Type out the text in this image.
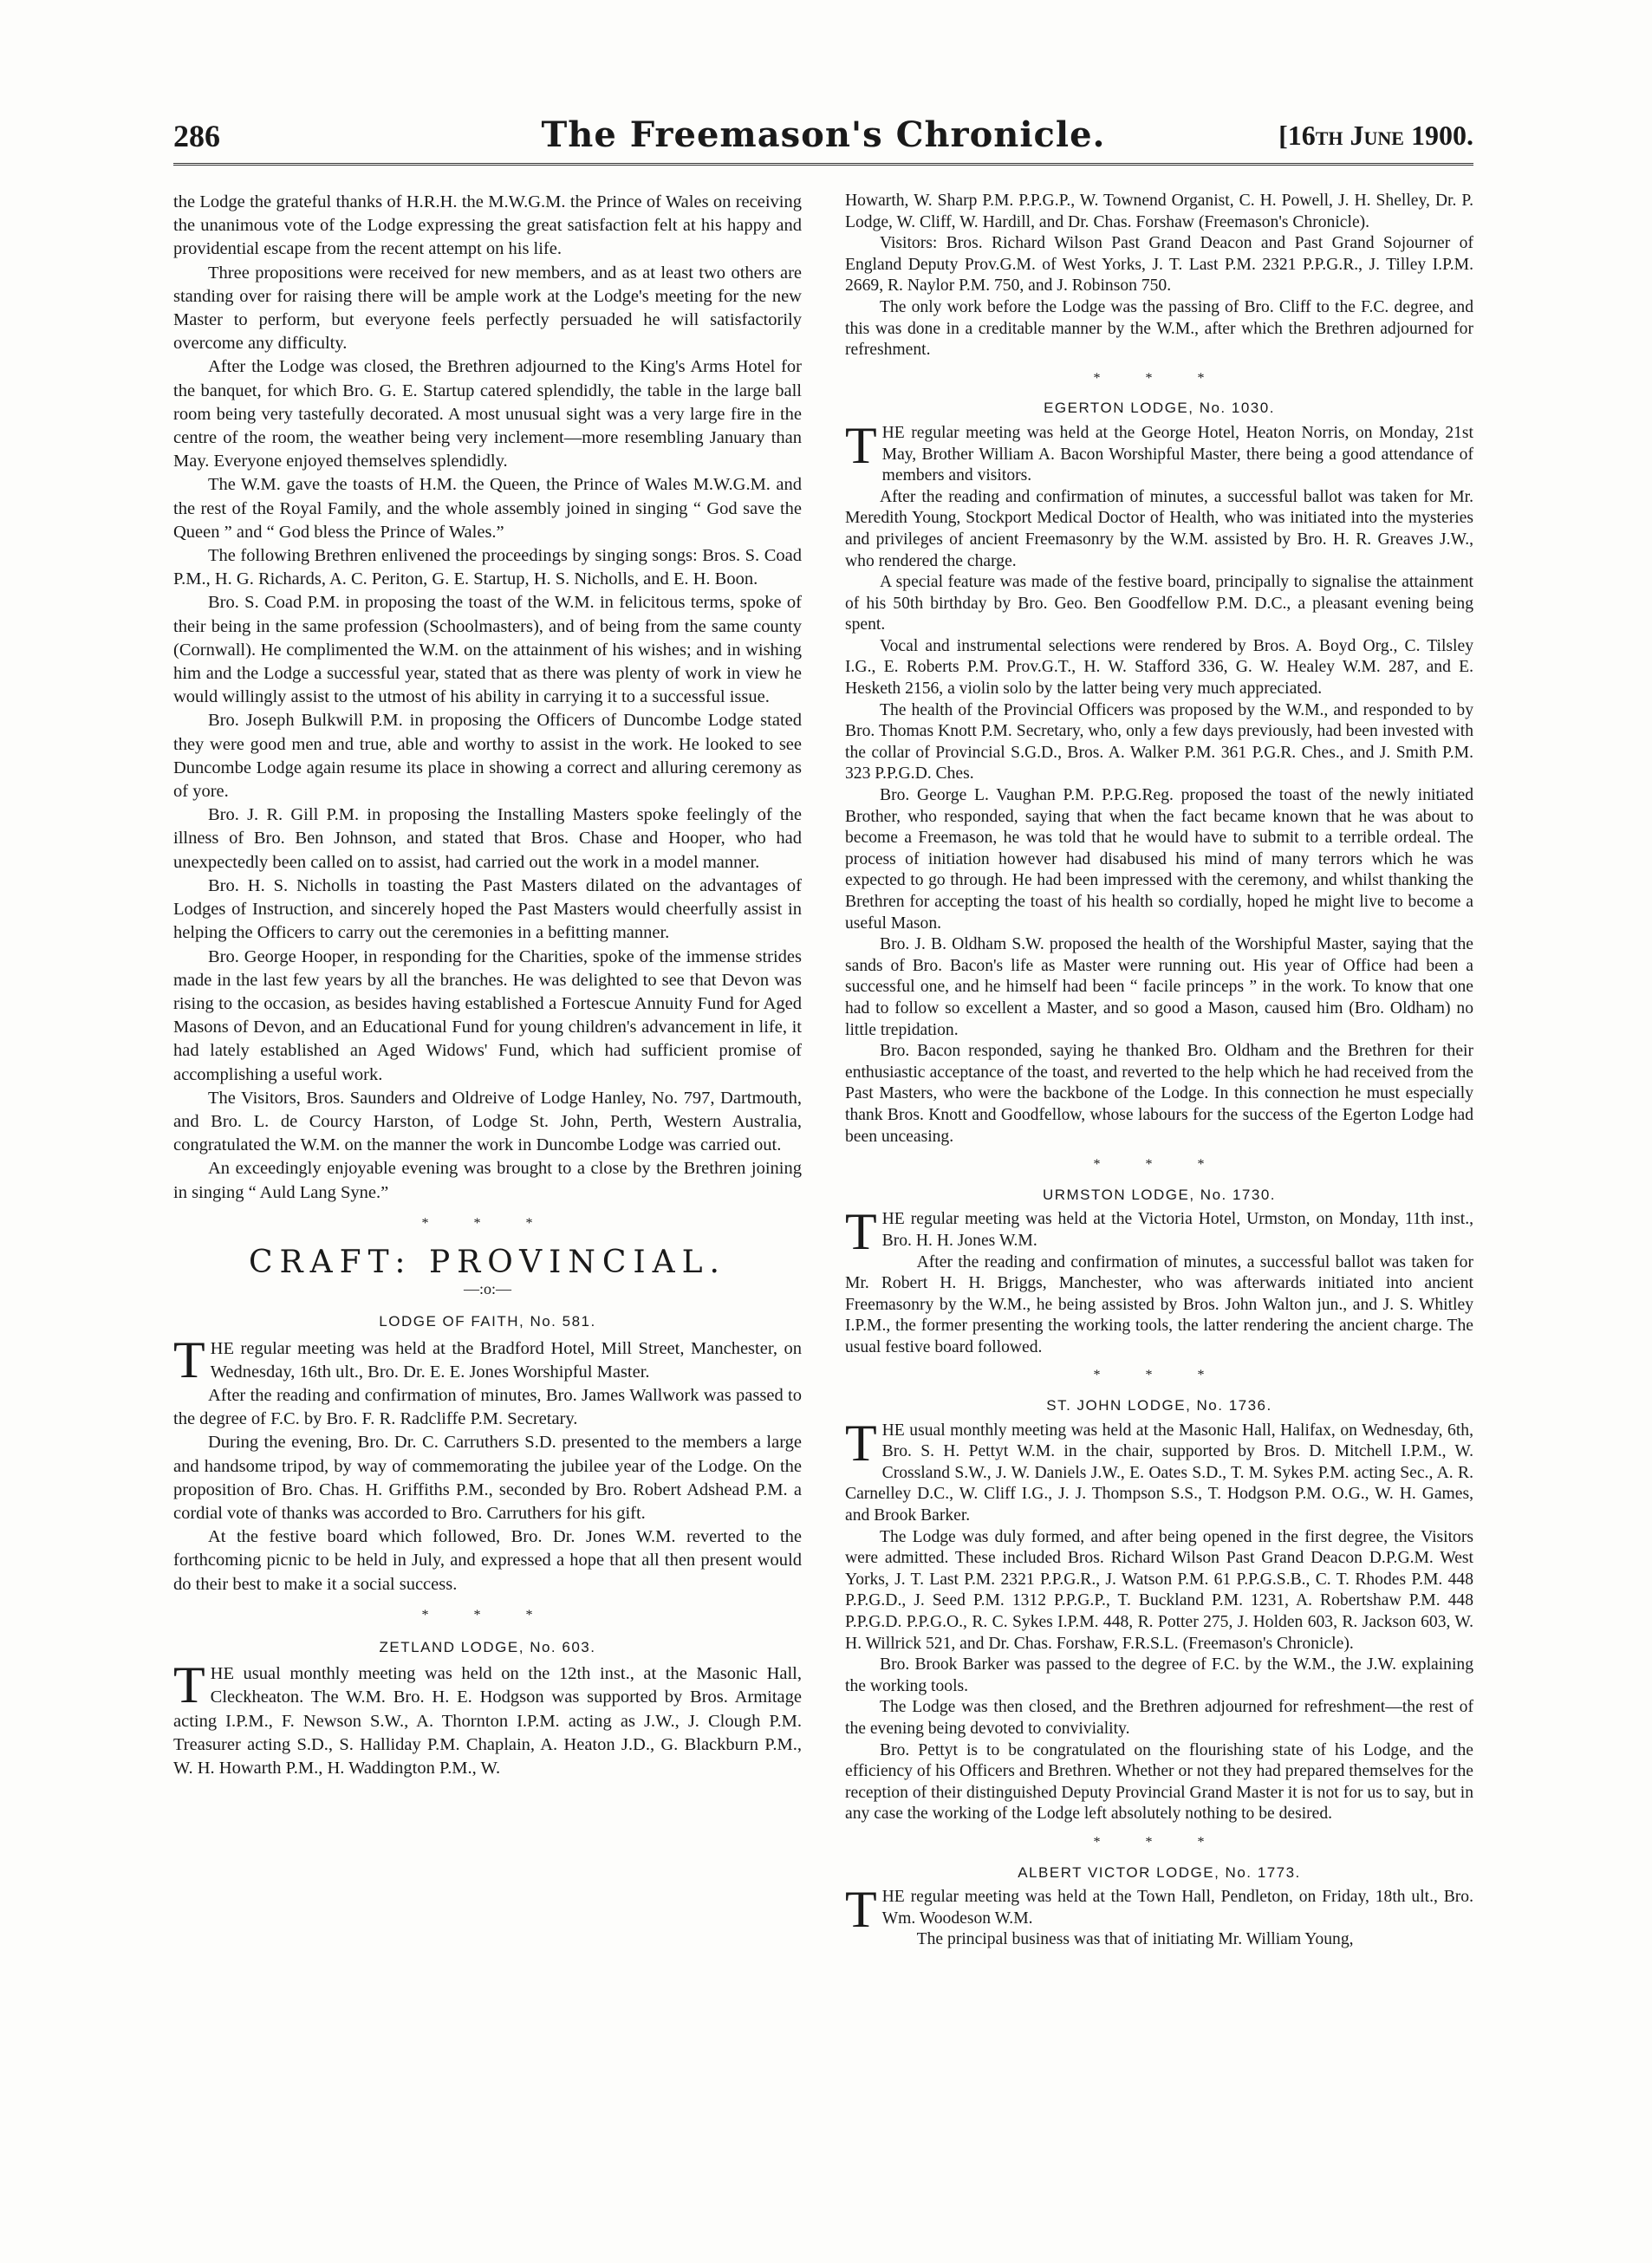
286	The Freemason's Chronicle.	[16th June 1900.

the Lodge the grateful thanks of H.R.H. the M.W.G.M. the Prince of Wales on receiving the unanimous vote of the Lodge expressing the great satisfaction felt at his happy and providential escape from the recent attempt on his life.

Three propositions were received for new members, and as at least two others are standing over for raising there will be ample work at the Lodge's meeting for the new Master to perform, but everyone feels perfectly persuaded he will satisfactorily overcome any difficulty.

After the Lodge was closed, the Brethren adjourned to the King's Arms Hotel for the banquet, for which Bro. G. E. Startup catered splendidly, the table in the large ball room being very tastefully decorated. A most unusual sight was a very large fire in the centre of the room, the weather being very inclement—more resembling January than May. Everyone enjoyed themselves splendidly.

The W.M. gave the toasts of H.M. the Queen, the Prince of Wales M.W.G.M. and the rest of the Royal Family, and the whole assembly joined in singing “ God save the Queen ” and “ God bless the Prince of Wales.”

The following Brethren enlivened the proceedings by singing songs: Bros. S. Coad P.M., H. G. Richards, A. C. Periton, G. E. Startup, H. S. Nicholls, and E. H. Boon.

Bro. S. Coad P.M. in proposing the toast of the W.M. in felicitous terms, spoke of their being in the same profession (Schoolmasters), and of being from the same county (Cornwall). He complimented the W.M. on the attainment of his wishes; and in wishing him and the Lodge a successful year, stated that as there was plenty of work in view he would willingly assist to the utmost of his ability in carrying it to a successful issue.

Bro. Joseph Bulkwill P.M. in proposing the Officers of Duncombe Lodge stated they were good men and true, able and worthy to assist in the work. He looked to see Duncombe Lodge again resume its place in showing a correct and alluring ceremony as of yore.

Bro. J. R. Gill P.M. in proposing the Installing Masters spoke feelingly of the illness of Bro. Ben Johnson, and stated that Bros. Chase and Hooper, who had unexpectedly been called on to assist, had carried out the work in a model manner.

Bro. H. S. Nicholls in toasting the Past Masters dilated on the advantages of Lodges of Instruction, and sincerely hoped the Past Masters would cheerfully assist in helping the Officers to carry out the ceremonies in a befitting manner.

Bro. George Hooper, in responding for the Charities, spoke of the immense strides made in the last few years by all the branches. He was delighted to see that Devon was rising to the occasion, as besides having established a Fortescue Annuity Fund for Aged Masons of Devon, and an Educational Fund for young children's advancement in life, it had lately established an Aged Widows' Fund, which had sufficient promise of accomplishing a useful work.

The Visitors, Bros. Saunders and Oldreive of Lodge Hanley, No. 797, Dartmouth, and Bro. L. de Courcy Harston, of Lodge St. John, Perth, Western Australia, congratulated the W.M. on the manner the work in Duncombe Lodge was carried out.

An exceedingly enjoyable evening was brought to a close by the Brethren joining in singing “ Auld Lang Syne.”

* * *
CRAFT: PROVINCIAL.
—:o:—
LODGE OF FAITH, No. 581.

THE regular meeting was held at the Bradford Hotel, Mill Street, Manchester, on Wednesday, 16th ult., Bro. Dr. E. E. Jones Worshipful Master.

After the reading and confirmation of minutes, Bro. James Wallwork was passed to the degree of F.C. by Bro. F. R. Radcliffe P.M. Secretary.

During the evening, Bro. Dr. C. Carruthers S.D. presented to the members a large and handsome tripod, by way of commemorating the jubilee year of the Lodge. On the proposition of Bro. Chas. H. Griffiths P.M., seconded by Bro. Robert Adshead P.M. a cordial vote of thanks was accorded to Bro. Carruthers for his gift.

At the festive board which followed, Bro. Dr. Jones W.M. reverted to the forthcoming picnic to be held in July, and expressed a hope that all then present would do their best to make it a social success.

* * *
ZETLAND LODGE, No. 603.

THE usual monthly meeting was held on the 12th inst., at the Masonic Hall, Cleckheaton. The W.M. Bro. H. E. Hodgson was supported by Bros. Armitage acting I.P.M., F. Newson S.W., A. Thornton I.P.M. acting as J.W., J. Clough P.M. Treasurer acting S.D., S. Halliday P.M. Chaplain, A. Heaton J.D., G. Blackburn P.M., W. H. Howarth P.M., H. Waddington P.M., W.

Howarth, W. Sharp P.M. P.P.G.P., W. Townend Organist, C. H. Powell, J. H. Shelley, Dr. P. Lodge, W. Cliff, W. Hardill, and Dr. Chas. Forshaw (Freemason's Chronicle).

Visitors: Bros. Richard Wilson Past Grand Deacon and Past Grand Sojourner of England Deputy Prov.G.M. of West Yorks, J. T. Last P.M. 2321 P.P.G.R., J. Tilley I.P.M. 2669, R. Naylor P.M. 750, and J. Robinson 750.

The only work before the Lodge was the passing of Bro. Cliff to the F.C. degree, and this was done in a creditable manner by the W.M., after which the Brethren adjourned for refreshment.

* * *
EGERTON LODGE, No. 1030.

THE regular meeting was held at the George Hotel, Heaton Norris, on Monday, 21st May, Brother William A. Bacon Worshipful Master, there being a good attendance of members and visitors.

After the reading and confirmation of minutes, a successful ballot was taken for Mr. Meredith Young, Stockport Medical Doctor of Health, who was initiated into the mysteries and privileges of ancient Freemasonry by the W.M. assisted by Bro. H. R. Greaves J.W., who rendered the charge.

A special feature was made of the festive board, principally to signalise the attainment of his 50th birthday by Bro. Geo. Ben Goodfellow P.M. D.C., a pleasant evening being spent.

Vocal and instrumental selections were rendered by Bros. A. Boyd Org., C. Tilsley I.G., E. Roberts P.M. Prov.G.T., H. W. Stafford 336, G. W. Healey W.M. 287, and E. Hesketh 2156, a violin solo by the latter being very much appreciated.

The health of the Provincial Officers was proposed by the W.M., and responded to by Bro. Thomas Knott P.M. Secretary, who, only a few days previously, had been invested with the collar of Provincial S.G.D., Bros. A. Walker P.M. 361 P.G.R. Ches., and J. Smith P.M. 323 P.P.G.D. Ches.

Bro. George L. Vaughan P.M. P.P.G.Reg. proposed the toast of the newly initiated Brother, who responded, saying that when the fact became known that he was about to become a Freemason, he was told that he would have to submit to a terrible ordeal. The process of initiation however had disabused his mind of many terrors which he was expected to go through. He had been impressed with the ceremony, and whilst thanking the Brethren for accepting the toast of his health so cordially, hoped he might live to become a useful Mason.

Bro. J. B. Oldham S.W. proposed the health of the Worshipful Master, saying that the sands of Bro. Bacon's life as Master were running out. His year of Office had been a successful one, and he himself had been “ facile princeps ” in the work. To know that one had to follow so excellent a Master, and so good a Mason, caused him (Bro. Oldham) no little trepidation.

Bro. Bacon responded, saying he thanked Bro. Oldham and the Brethren for their enthusiastic acceptance of the toast, and reverted to the help which he had received from the Past Masters, who were the backbone of the Lodge. In this connection he must especially thank Bros. Knott and Goodfellow, whose labours for the success of the Egerton Lodge had been unceasing.

* * *
URMSTON LODGE, No. 1730.

THE regular meeting was held at the Victoria Hotel, Urmston, on Monday, 11th inst., Bro. H. H. Jones W.M.

After the reading and confirmation of minutes, a successful ballot was taken for Mr. Robert H. H. Briggs, Manchester, who was afterwards initiated into ancient Freemasonry by the W.M., he being assisted by Bros. John Walton jun., and J. S. Whitley I.P.M., the former presenting the working tools, the latter rendering the ancient charge. The usual festive board followed.

* * *
ST. JOHN LODGE, No. 1736.

THE usual monthly meeting was held at the Masonic Hall, Halifax, on Wednesday, 6th, Bro. S. H. Pettyt W.M. in the chair, supported by Bros. D. Mitchell I.P.M., W. Crossland S.W., J. W. Daniels J.W., E. Oates S.D., T. M. Sykes P.M. acting Sec., A. R. Carnelley D.C., W. Cliff I.G., J. J. Thompson S.S., T. Hodgson P.M. O.G., W. H. Games, and Brook Barker.

The Lodge was duly formed, and after being opened in the first degree, the Visitors were admitted. These included Bros. Richard Wilson Past Grand Deacon D.P.G.M. West Yorks, J. T. Last P.M. 2321 P.P.G.R., J. Watson P.M. 61 P.P.G.S.B., C. T. Rhodes P.M. 448 P.P.G.D., J. Seed P.M. 1312 P.P.G.P., T. Buckland P.M. 1231, A. Robertshaw P.M. 448 P.P.G.D. P.P.G.O., R. C. Sykes I.P.M. 448, R. Potter 275, J. Holden 603, R. Jackson 603, W. H. Willrick 521, and Dr. Chas. Forshaw, F.R.S.L. (Freemason's Chronicle).

Bro. Brook Barker was passed to the degree of F.C. by the W.M., the J.W. explaining the working tools.

The Lodge was then closed, and the Brethren adjourned for refreshment—the rest of the evening being devoted to conviviality.

Bro. Pettyt is to be congratulated on the flourishing state of his Lodge, and the efficiency of his Officers and Brethren. Whether or not they had prepared themselves for the reception of their distinguished Deputy Provincial Grand Master it is not for us to say, but in any case the working of the Lodge left absolutely nothing to be desired.

* * *
ALBERT VICTOR LODGE, No. 1773.

THE regular meeting was held at the Town Hall, Pendleton, on Friday, 18th ult., Bro. Wm. Woodeson W.M.

The principal business was that of initiating Mr. William Young,
